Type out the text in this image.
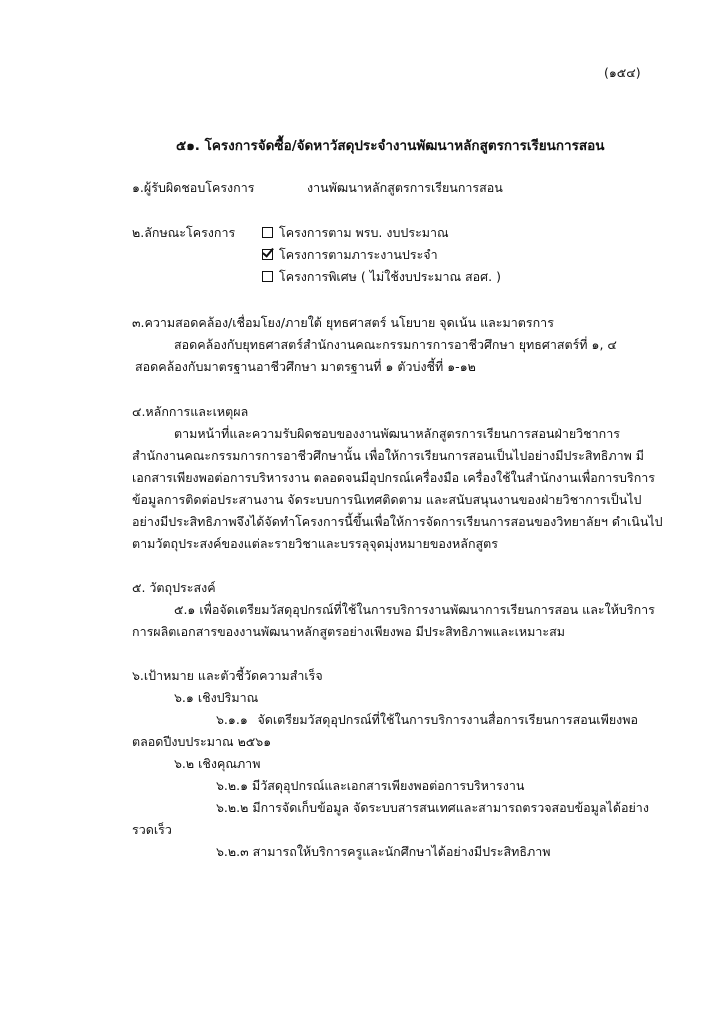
(๑๕๔)
๕๑. โครงการจัดซื้อ/จัดหาวัสดุประจำงานพัฒนาหลักสูตรการเรียนการสอน
๑.ผู้รับผิดชอบโครงการ	งานพัฒนาหลักสูตรการเรียนการสอน
๒.ลักษณะโครงการ	โครงการตาม พรบ. งบประมาณ
โครงการตามภาระงานประจำ
โครงการพิเศษ ( ไม่ใช้งบประมาณ สอศ. )
๓.ความสอดคล้อง/เชื่อมโยง/ภายใต้ ยุทธศาสตร์ นโยบาย จุดเน้น และมาตรการ
สอดคล้องกับยุทธศาสตร์สำนักงานคณะกรรมการการอาชีวศึกษา ยุทธศาสตร์ที่ ๑, ๔
สอดคล้องกับมาตรฐานอาชีวศึกษา มาตรฐานที่ ๑ ตัวบ่งชี้ที่ ๑-๑๒
๔.หลักการและเหตุผล
ตามหน้าที่และความรับผิดชอบของงานพัฒนาหลักสูตรการเรียนการสอนฝ่ายวิชาการ
สำนักงานคณะกรรมการการอาชีวศึกษานั้น เพื่อให้การเรียนการสอนเป็นไปอย่างมีประสิทธิภาพ มี
เอกสารเพียงพอต่อการบริหารงาน ตลอดจนมีอุปกรณ์เครื่องมือ เครื่องใช้ในสำนักงานเพื่อการบริการ
ข้อมูลการติดต่อประสานงาน จัดระบบการนิเทศติดตาม และสนับสนุนงานของฝ่ายวิชาการเป็นไป
อย่างมีประสิทธิภาพจึงได้จัดทำโครงการนี้ขึ้นเพื่อให้การจัดการเรียนการสอนของวิทยาลัยฯ ดำเนินไป
ตามวัตถุประสงค์ของแต่ละรายวิชาและบรรลุจุดมุ่งหมายของหลักสูตร
๕. วัตถุประสงค์
๕.๑ เพื่อจัดเตรียมวัสดุอุปกรณ์ที่ใช้ในการบริการงานพัฒนาการเรียนการสอน และให้บริการ
การผลิตเอกสารของงานพัฒนาหลักสูตรอย่างเพียงพอ มีประสิทธิภาพและเหมาะสม
๖.เป้าหมาย และตัวชี้วัดความสำเร็จ
๖.๑ เชิงปริมาณ
๖.๑.๑ จัดเตรียมวัสดุอุปกรณ์ที่ใช้ในการบริการงานสื่อการเรียนการสอนเพียงพอ
ตลอดปีงบประมาณ ๒๕๖๑
๖.๒ เชิงคุณภาพ
๖.๒.๑ มีวัสดุอุปกรณ์และเอกสารเพียงพอต่อการบริหารงาน
๖.๒.๒ มีการจัดเก็บข้อมูล จัดระบบสารสนเทศและสามารถตรวจสอบข้อมูลได้อย่าง
รวดเร็ว
๖.๒.๓ สามารถให้บริการครูและนักศึกษาได้อย่างมีประสิทธิภาพ
